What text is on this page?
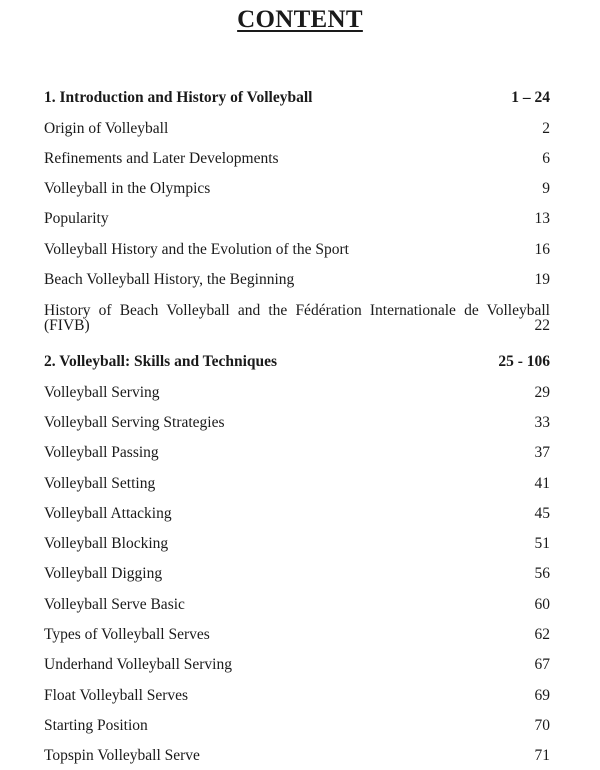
CONTENT
1. Introduction and History of Volleyball	1 – 24
Origin of Volleyball	2
Refinements and Later Developments	6
Volleyball in the Olympics	9
Popularity	13
Volleyball History and the Evolution of the Sport	16
Beach Volleyball History, the Beginning	19
History of Beach Volleyball and the Fédération Internationale de Volleyball (FIVB)	22
2. Volleyball: Skills and Techniques	25 - 106
Volleyball Serving	29
Volleyball Serving Strategies	33
Volleyball Passing	37
Volleyball Setting	41
Volleyball Attacking	45
Volleyball Blocking	51
Volleyball Digging	56
Volleyball Serve Basic	60
Types of Volleyball Serves	62
Underhand Volleyball Serving	67
Float Volleyball Serves	69
Starting Position	70
Topspin Volleyball Serve	71
